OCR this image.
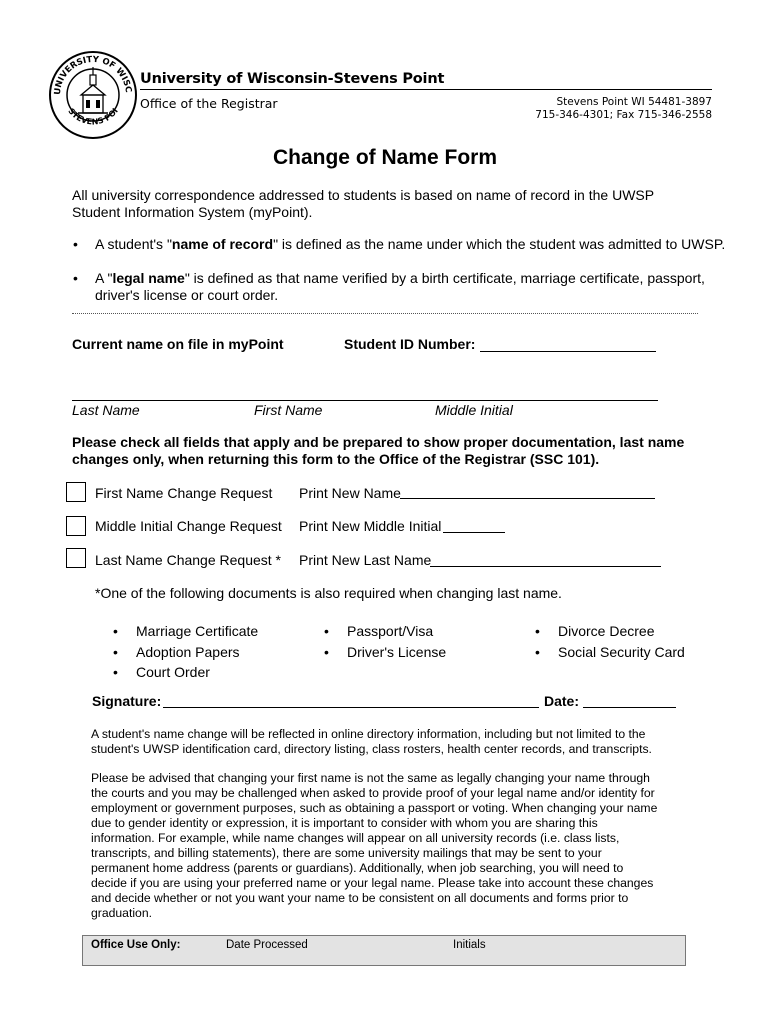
UNIVERSITY OF WISC
STEVENS POI
University of Wisconsin-Stevens Point
Office of the Registrar	Stevens Point WI 54481-3897
715-346-4301; Fax 715-346-2558
Change of Name Form
All university correspondence addressed to students is based on name of record in the UWSP
Student Information System (myPoint).
• A student's "name of record" is defined as the name under which the student was admitted to UWSP.
• A "legal name" is defined as that name verified by a birth certificate, marriage certificate, passport,
driver's license or court order.
Current name on file in myPoint	Student ID Number:
Last Name	First Name	Middle Initial
Please check all fields that apply and be prepared to show proper documentation, last name
changes only, when returning this form to the Office of the Registrar (SSC 101).
First Name Change Request Print New Name
Middle Initial Change Request Print New Middle Initial
Last Name Change Request * Print New Last Name
*One of the following documents is also required when changing last name.
• Marriage Certificate
• Adoption Papers
• Court Order
• Passport/Visa
• Driver's License
• Divorce Decree
• Social Security Card
Signature:	Date:
A student's name change will be reflected in online directory information, including but not limited to the
student's UWSP identification card, directory listing, class rosters, health center records, and transcripts.
Please be advised that changing your first name is not the same as legally changing your name through
the courts and you may be challenged when asked to provide proof of your legal name and/or identity for
employment or government purposes, such as obtaining a passport or voting. When changing your name
due to gender identity or expression, it is important to consider with whom you are sharing this
information. For example, while name changes will appear on all university records (i.e. class lists,
transcripts, and billing statements), there are some university mailings that may be sent to your
permanent home address (parents or guardians). Additionally, when job searching, you will need to
decide if you are using your preferred name or your legal name. Please take into account these changes
and decide whether or not you want your name to be consistent on all documents and forms prior to
graduation.
Office Use Only:	Date Processed	Initials
